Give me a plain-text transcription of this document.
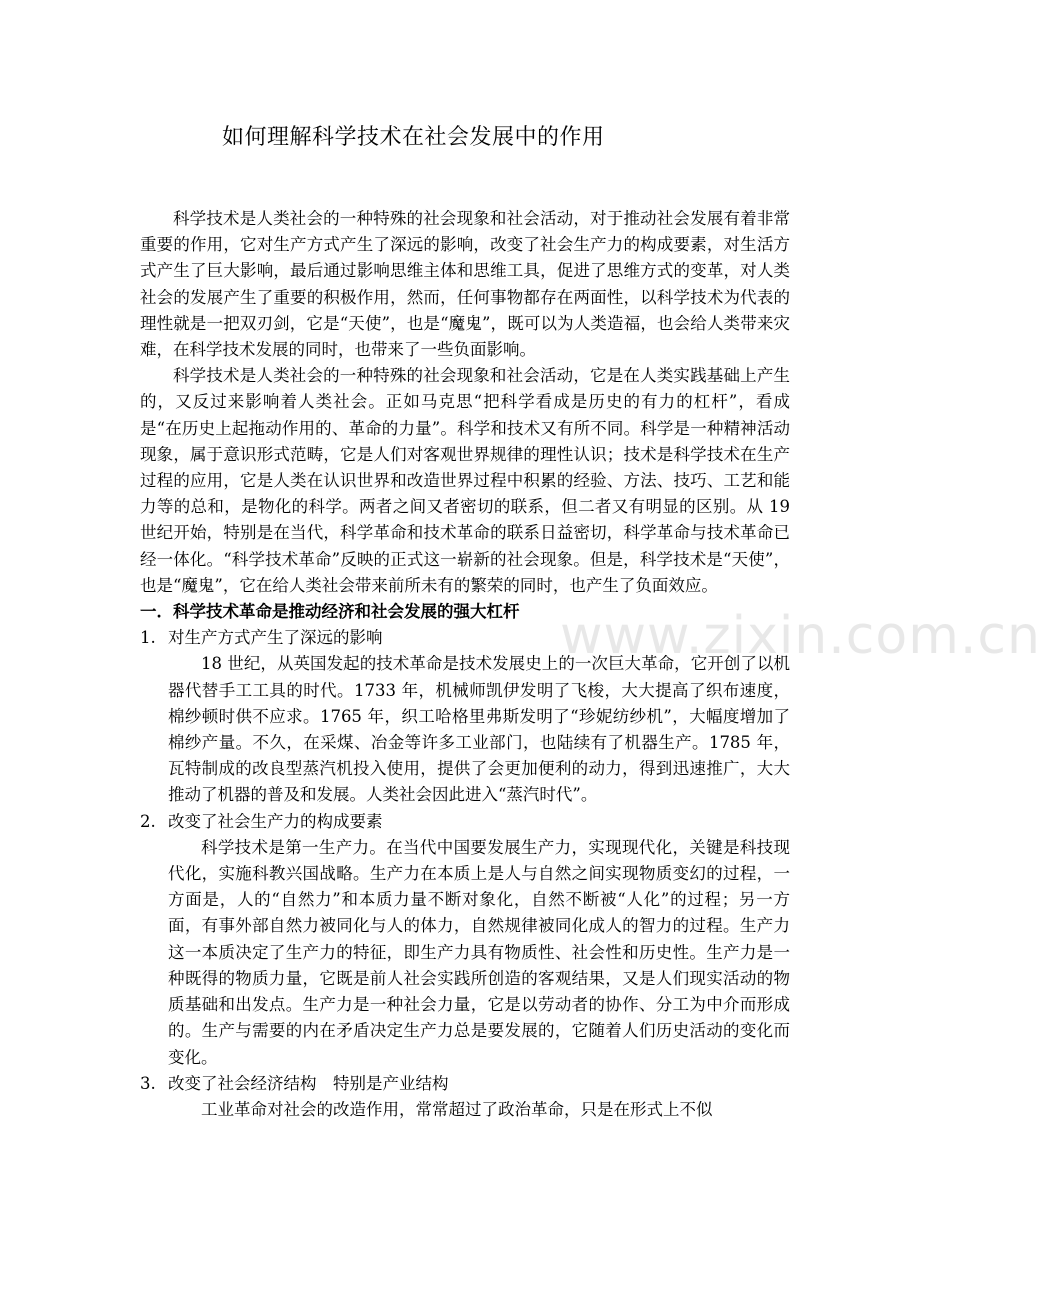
www.zixin.com.cn
如何理解科学技术在社会发展中的作用

科学技术是人类社会的一种特殊的社会现象和社会活动，对于推动社会发展有着非常重要的作用，它对生产方式产生了深远的影响，改变了社会生产力的构成要素，对生活方式产生了巨大影响，最后通过影响思维主体和思维工具，促进了思维方式的变革，对人类社会的发展产生了重要的积极作用，然而，任何事物都存在两面性，以科学技术为代表的理性就是一把双刃剑，它是“天使”，也是“魔鬼”，既可以为人类造福，也会给人类带来灾难，在科学技术发展的同时，也带来了一些负面影响。

科学技术是人类社会的一种特殊的社会现象和社会活动，它是在人类实践基础上产生的，又反过来影响着人类社会。正如马克思“把科学看成是历史的有力的杠杆”，看成是“在历史上起拖动作用的、革命的力量”。科学和技术又有所不同。科学是一种精神活动现象，属于意识形式范畴，它是人们对客观世界规律的理性认识；技术是科学技术在生产过程的应用，它是人类在认识世界和改造世界过程中积累的经验、方法、技巧、工艺和能力等的总和，是物化的科学。两者之间又者密切的联系，但二者又有明显的区别。从 19 世纪开始，特别是在当代，科学革命和技术革命的联系日益密切，科学革命与技术革命已经一体化。“科学技术革命”反映的正式这一崭新的社会现象。但是，科学技术是“天使”，也是“魔鬼”，它在给人类社会带来前所未有的繁荣的同时，也产生了负面效应。

一．科学技术革命是推动经济和社会发展的强大杠杆

1. 对生产方式产生了深远的影响

18 世纪，从英国发起的技术革命是技术发展史上的一次巨大革命，它开创了以机器代替手工工具的时代。1733 年，机械师凯伊发明了飞梭，大大提高了织布速度，棉纱顿时供不应求。1765 年，织工哈格里弗斯发明了“珍妮纺纱机”，大幅度增加了棉纱产量。不久，在采煤、冶金等许多工业部门，也陆续有了机器生产。1785 年，瓦特制成的改良型蒸汽机投入使用，提供了会更加便利的动力，得到迅速推广，大大推动了机器的普及和发展。人类社会因此进入“蒸汽时代”。

2. 改变了社会生产力的构成要素

科学技术是第一生产力。在当代中国要发展生产力，实现现代化，关键是科技现代化，实施科教兴国战略。生产力在本质上是人与自然之间实现物质变幻的过程，一方面是，人的“自然力”和本质力量不断对象化，自然不断被“人化”的过程；另一方面，有事外部自然力被同化与人的体力，自然规律被同化成人的智力的过程。生产力这一本质决定了生产力的特征，即生产力具有物质性、社会性和历史性。生产力是一种既得的物质力量，它既是前人社会实践所创造的客观结果，又是人们现实活动的物质基础和出发点。生产力是一种社会力量，它是以劳动者的协作、分工为中介而形成的。生产与需要的内在矛盾决定生产力总是要发展的，它随着人们历史活动的变化而变化。

3. 改变了社会经济结构　特别是产业结构

工业革命对社会的改造作用，常常超过了政治革命，只是在形式上不似
